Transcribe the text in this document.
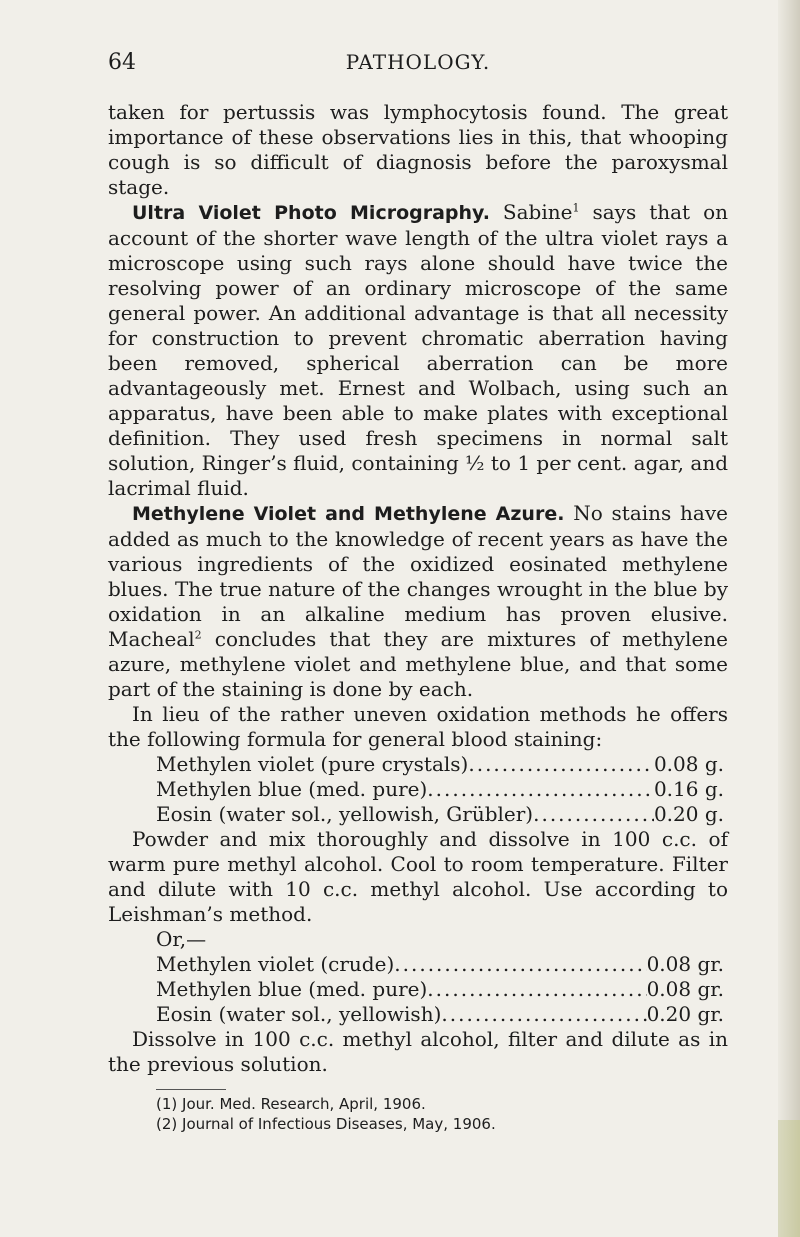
64	PATHOLOGY.

taken for pertussis was lymphocytosis found. The great importance of these observations lies in this, that whooping cough is so difficult of diagnosis before the paroxysmal stage.

Ultra Violet Photo Micrography. Sabine$^1$ says that on account of the shorter wave length of the ultra violet rays a microscope using such rays alone should have twice the resolving power of an ordinary microscope of the same general power. An additional advantage is that all necessity for construction to prevent chromatic aberration having been removed, spherical aberration can be more advantageously met. Ernest and Wolbach, using such an apparatus, have been able to make plates with exceptional definition. They used fresh specimens in normal salt solution, Ringer’s fluid, containing ½ to 1 per cent. agar, and lacrimal fluid.

Methylene Violet and Methylene Azure. No stains have added as much to the knowledge of recent years as have the various ingredients of the oxidized eosinated methylene blues. The true nature of the changes wrought in the blue by oxidation in an alkaline medium has proven elusive. Macheal$^2$ concludes that they are mixtures of methylene azure, methylene violet and methylene blue, and that some part of the staining is done by each.

In lieu of the rather uneven oxidation methods he offers the following formula for general blood staining:

Methylen violet (pure crystals) .....	0.08 g.
Methylen blue (med. pure) .....	0.16 g.
Eosin (water sol., yellowish, Grübler) .....	0.20 g.

Powder and mix thoroughly and dissolve in 100 c.c. of warm pure methyl alcohol. Cool to room temperature. Filter and dilute with 10 c.c. methyl alcohol. Use according to Leishman’s method.

Or,—

Methylen violet (crude) .....	0.08 gr.
Methylen blue (med. pure) .....	0.08 gr.
Eosin (water sol., yellowish) .....	0.20 gr.

Dissolve in 100 c.c. methyl alcohol, filter and dilute as in the previous solution.

(1) Jour. Med. Research, April, 1906.
(2) Journal of Infectious Diseases, May, 1906.
